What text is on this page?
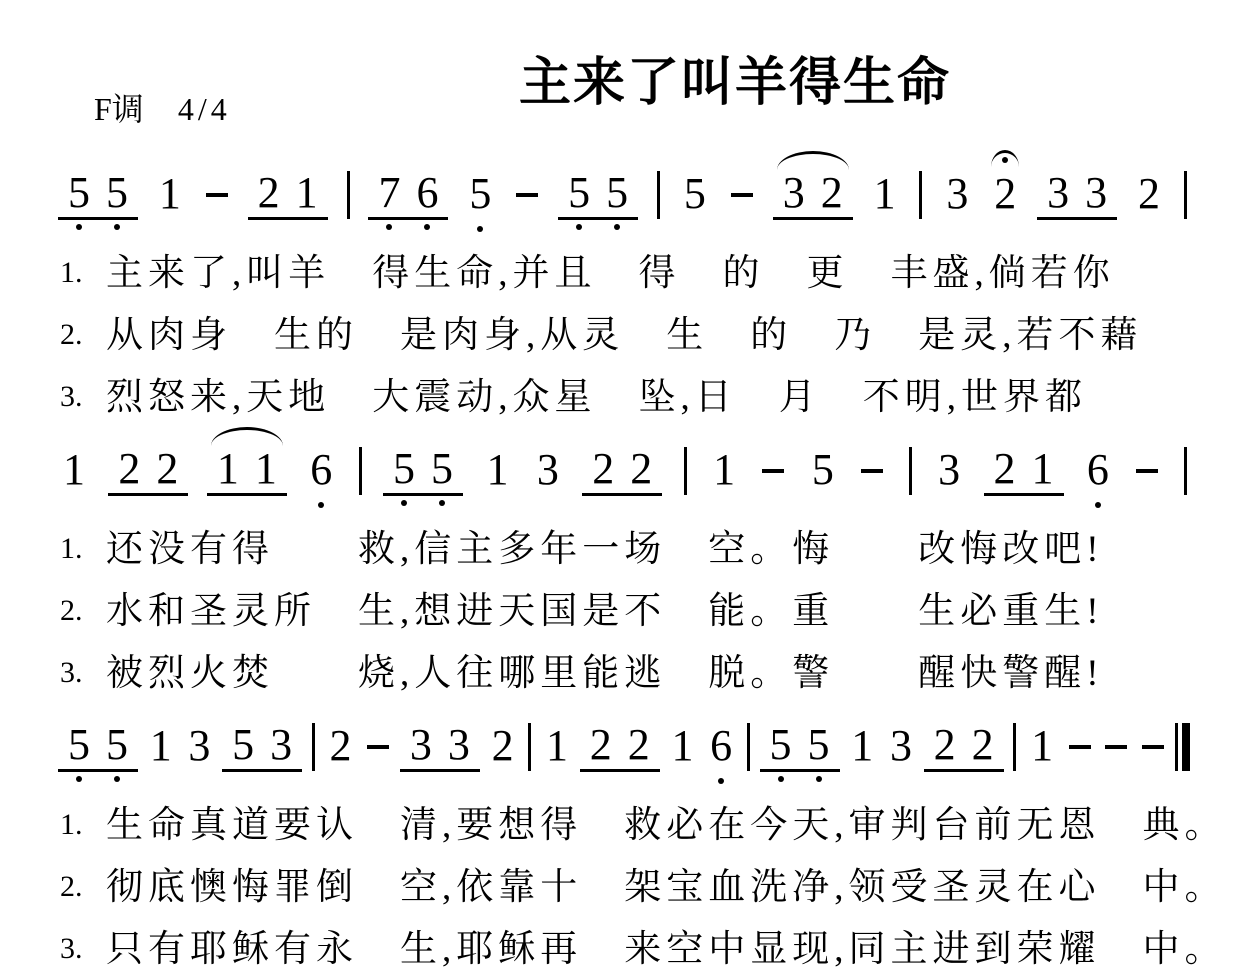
主来了叫羊得生命
F调 4/4
5 5 1 2 1 7 6 5 5 5 5 3 2 1 3 2 3 3 2
1. 主来了,叫羊　得生命,并且　得　的　更　丰盛,倘若你
2. 从肉身　生的　是肉身,从灵　生　的　乃　是灵,若不藉
3. 烈怒来,天地　大震动,众星　坠,日　月　不明,世界都
1 2 2 1 1 6 5 5 1 3 2 2 1 5 3 2 1 6
1. 还没有得　　救,信主多年一场　空。悔　　改悔改吧!
2. 水和圣灵所　生,想进天国是不　能。重　　生必重生!
3. 被烈火焚　　烧,人往哪里能逃　脱。警　　醒快警醒!
5 5 1 3 5 3 2 3 3 2 1 2 2 1 6 5 5 1 3 2 2 1
1. 生命真道要认　清,要想得　救必在今天,审判台前无恩　典。
2. 彻底懊悔罪倒　空,依靠十　架宝血洗净,领受圣灵在心　中。
3. 只有耶稣有永　生,耶稣再　来空中显现,同主进到荣耀　中。
